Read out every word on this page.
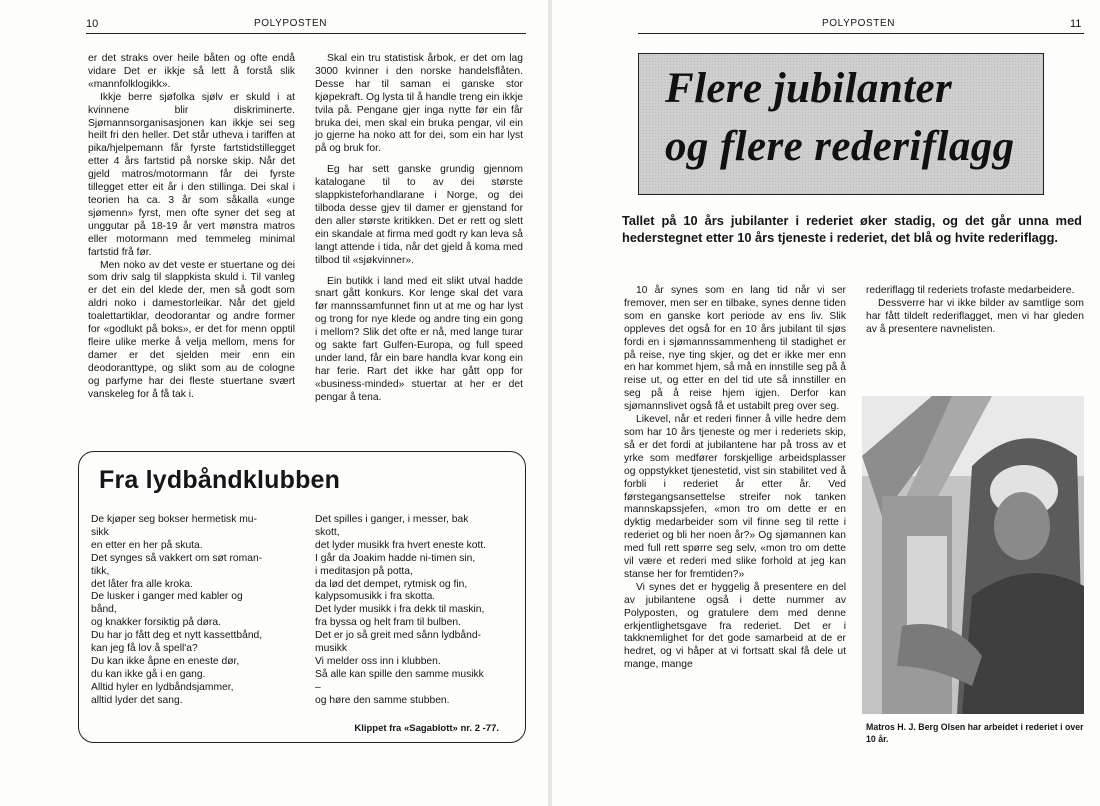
10	POLYPOSTEN

er det straks over heile båten og ofte endå vidare Det er ikkje så lett å forstå slik «mannfolklogikk».

Ikkje berre sjøfolka sjølv er skuld i at kvinnene blir diskriminerte. Sjømannsorganisasjonen kan ikkje sei seg heilt fri den heller. Det står utheva i tariffen at pika/hjelpemann får fyrste fartstidstillegget etter 4 års fartstid på norske skip. Når det gjeld matros/motormann får dei fyrste tillegget etter eit år i den stillinga. Dei skal i teorien ha ca. 3 år som såkalla «unge sjømenn» fyrst, men ofte syner det seg at unggutar på 18-19 år vert mønstra matros eller motormann med temmeleg minimal fartstid frå før.

Men noko av det veste er stuertane og dei som driv salg til slappkista skuld i. Til vanleg er det ein del klede der, men så godt som aldri noko i damestorleikar. Når det gjeld toalettartiklar, deodorantar og andre former for «godlukt på boks», er det for menn opptil fleire ulike merke å velja mellom, mens for damer er det sjelden meir enn ein deodoranttype, og slikt som au de cologne og parfyme har dei fleste stuertane svært vanskeleg for å få tak i.

Skal ein tru statistisk årbok, er det om lag 3000 kvinner i den norske handelsflåten. Desse har til saman ei ganske stor kjøpekraft. Og lysta til å handle treng ein ikkje tvila på. Pengane gjer inga nytte før ein får bruka dei, men skal ein bruka pengar, vil ein jo gjerne ha noko att for dei, som ein har lyst på og bruk for.

Eg har sett ganske grundig gjennom katalogane til to av dei største slappkisteforhandlarane i Norge, og dei tilboda desse gjev til damer er gjenstand for den aller største kritikken. Det er rett og slett ein skandale at firma med godt ry kan leva så langt attende i tida, når det gjeld å koma med tilbod til «sjøkvinner».

Ein butikk i land med eit slikt utval hadde snart gått konkurs. Kor lenge skal det vara før mannssamfunnet finn ut at me og har lyst og trong for nye klede og andre ting ein gong i mellom? Slik det ofte er nå, med lange turar og sakte fart Gulfen-Europa, og full speed under land, får ein bare handla kvar kong ein har ferie. Rart det ikke har gått opp for «business-minded» stuertar at her er det pengar å tena.

Fra lydbåndklubben
De kjøper seg bokser hermetisk mu-
sikk
en etter en her på skuta.
Det synges så vakkert om søt roman-
tikk,
det låter fra alle kroka.
De lusker i ganger med kabler og
bånd,
og knakker forsiktig på døra.
Du har jo fått deg et nytt kassettbånd,
kan jeg få lov å spell'a?
Du kan ikke åpne en eneste dør,
du kan ikke gå i en gang.
Alltid hyler en lydbåndsjammer,
alltid lyder det sang.
Det spilles i ganger, i messer, bak
skott,
det lyder musikk fra hvert eneste kott.
I går da Joakim hadde ni-timen sin,
i meditasjon på potta,
da lød det dempet, rytmisk og fin,
kalypsomusikk i fra skotta.
Det lyder musikk i fra dekk til maskin,
fra byssa og helt fram til bulben.
Det er jo så greit med sånn lydbånd-
musikk
Vi melder oss inn i klubben.
Så alle kan spille den samme musikk
–
og høre den samme stubben.
Klippet fra «Sagablott» nr. 2 -77.
POLYPOSTEN	11
Flere jubilanter
og flere rederiflagg
Tallet på 10 års jubilanter i rederiet øker stadig, og det går unna med hederstegnet etter 10 års tjeneste i rederiet, det blå og hvite rederiflagg.

10 år synes som en lang tid når vi ser fremover, men ser en tilbake, synes denne tiden som en ganske kort periode av ens liv. Slik oppleves det også for en 10 års jubilant til sjøs fordi en i sjømannssammenheng til stadighet er på reise, nye ting skjer, og det er ikke mer enn en har kommet hjem, så må en innstille seg på å reise ut, og etter en del tid ute så innstiller en seg på å reise hjem igjen. Derfor kan sjømannslivet også få et ustabilt preg over seg.

Likevel, når et rederi finner å ville hedre dem som har 10 års tjeneste og mer i rederiets skip, så er det fordi at jubilantene har på tross av et yrke som medfører forskjellige arbeidsplasser og oppstykket tjenestetid, vist sin stabilitet ved å forbli i rederiet år etter år. Ved førstegangsansettelse streifer nok tanken mannskapssjefen, «mon tro om dette er en dyktig medarbeider som vil finne seg til rette i rederiet og bli her noen år?» Og sjømannen kan med full rett spørre seg selv, «mon tro om dette vil være et rederi med slike forhold at jeg kan stanse her for fremtiden?»

Vi synes det er hyggelig å presentere en del av jubilantene også i dette nummer av Polyposten, og gratulere dem med denne erkjentlighetsgave fra rederiet. Det er i takknemlighet for det gode samarbeid at de er hedret, og vi håper at vi fortsatt skal få dele ut mange, mange

rederiflagg til rederiets trofaste medarbeidere.

Dessverre har vi ikke bilder av samtlige som har fått tildelt rederiflagget, men vi har gleden av å presentere navnelisten.

Matros H. J. Berg Olsen har arbeidet i rederiet i over 10 år.
